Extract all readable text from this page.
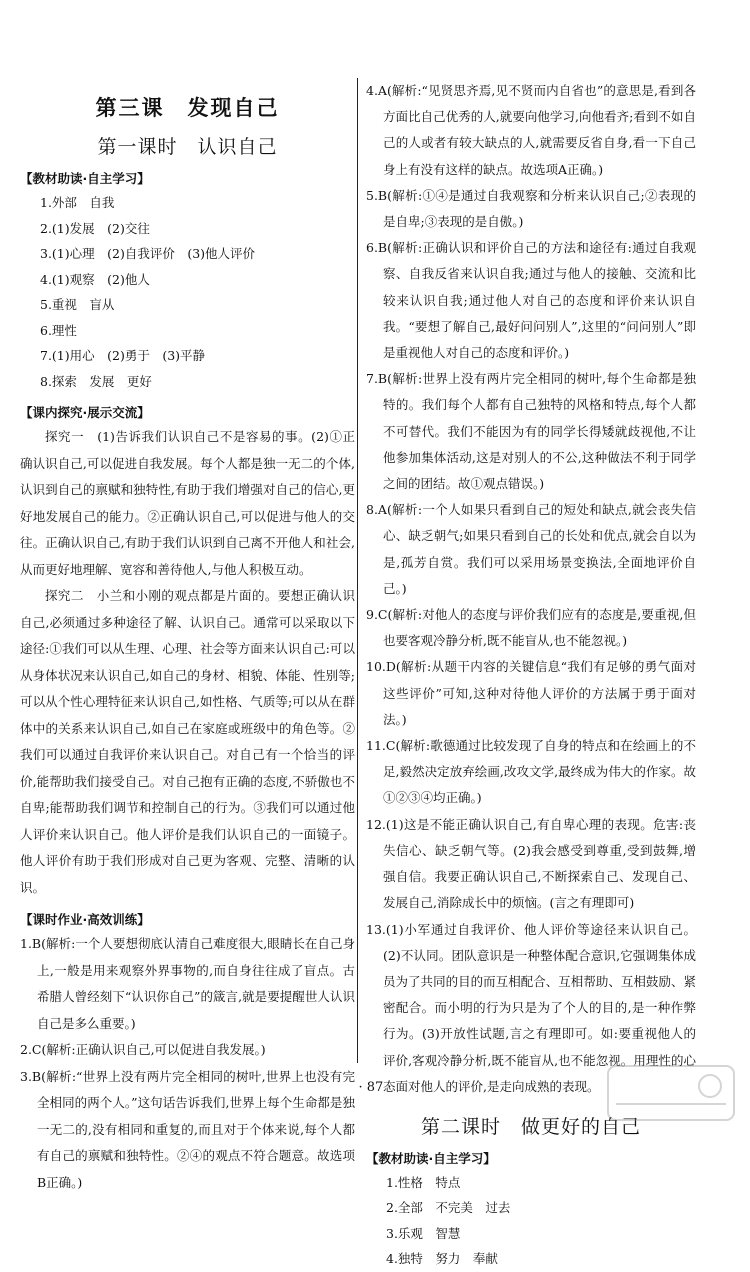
第三课　发现自己
第一课时　认识自己
【教材助读·自主学习】
1.外部　自我
2.(1)发展　(2)交往
3.(1)心理　(2)自我评价　(3)他人评价
4.(1)观察　(2)他人
5.重视　盲从
6.理性
7.(1)用心　(2)勇于　(3)平静
8.探索　发展　更好
【课内探究·展示交流】

探究一　(1)告诉我们认识自己不是容易的事。(2)①正确认识自己,可以促进自我发展。每个人都是独一无二的个体,认识到自己的禀赋和独特性,有助于我们增强对自己的信心,更好地发展自己的能力。②正确认识自己,可以促进与他人的交往。正确认识自己,有助于我们认识到自己离不开他人和社会,从而更好地理解、宽容和善待他人,与他人积极互动。

探究二　小兰和小刚的观点都是片面的。要想正确认识自己,必须通过多种途径了解、认识自己。通常可以采取以下途径:①我们可以从生理、心理、社会等方面来认识自己:可以从身体状况来认识自己,如自己的身材、相貌、体能、性别等;可以从个性心理特征来认识自己,如性格、气质等;可以从在群体中的关系来认识自己,如自己在家庭或班级中的角色等。②我们可以通过自我评价来认识自己。对自己有一个恰当的评价,能帮助我们接受自己。对自己抱有正确的态度,不骄傲也不自卑;能帮助我们调节和控制自己的行为。③我们可以通过他人评价来认识自己。他人评价是我们认识自己的一面镜子。他人评价有助于我们形成对自己更为客观、完整、清晰的认识。

【课时作业·高效训练】

1.B(解析:一个人要想彻底认清自己难度很大,眼睛长在自己身上,一般是用来观察外界事物的,而自身往往成了盲点。古希腊人曾经刻下“认识你自己”的箴言,就是要提醒世人认识自己是多么重要。)

2.C(解析:正确认识自己,可以促进自我发展。)

3.B(解析:“世界上没有两片完全相同的树叶,世界上也没有完全相同的两个人。”这句话告诉我们,世界上每个生命都是独一无二的,没有相同和重复的,而且对于个体来说,每个人都有自己的禀赋和独特性。②④的观点不符合题意。故选项B正确。)

4.A(解析:“见贤思齐焉,见不贤而内自省也”的意思是,看到各方面比自己优秀的人,就要向他学习,向他看齐;看到不如自己的人或者有较大缺点的人,就需要反省自身,看一下自己身上有没有这样的缺点。故选项A正确。)

5.B(解析:①④是通过自我观察和分析来认识自己;②表现的是自卑;③表现的是自傲。)

6.B(解析:正确认识和评价自己的方法和途径有:通过自我观察、自我反省来认识自我;通过与他人的接触、交流和比较来认识自我;通过他人对自己的态度和评价来认识自我。“要想了解自己,最好问问别人”,这里的“问问别人”即是重视他人对自己的态度和评价。)

7.B(解析:世界上没有两片完全相同的树叶,每个生命都是独特的。我们每个人都有自己独特的风格和特点,每个人都不可替代。我们不能因为有的同学长得矮就歧视他,不让他参加集体活动,这是对别人的不公,这种做法不利于同学之间的团结。故①观点错误。)

8.A(解析:一个人如果只看到自己的短处和缺点,就会丧失信心、缺乏朝气;如果只看到自己的长处和优点,就会自以为是,孤芳自赏。我们可以采用场景变换法,全面地评价自己。)

9.C(解析:对他人的态度与评价我们应有的态度是,要重视,但也要客观冷静分析,既不能盲从,也不能忽视。)

10.D(解析:从题干内容的关键信息“我们有足够的勇气面对这些评价”可知,这种对待他人评价的方法属于勇于面对法。)

11.C(解析:歌德通过比较发现了自身的特点和在绘画上的不足,毅然决定放弃绘画,改攻文学,最终成为伟大的作家。故①②③④均正确。)

12.(1)这是不能正确认识自己,有自卑心理的表现。危害:丧失信心、缺乏朝气等。(2)我会感受到尊重,受到鼓舞,增强自信。我要正确认识自己,不断探索自己、发现自己、发展自己,消除成长中的烦恼。(言之有理即可)

13.(1)小军通过自我评价、他人评价等途径来认识自己。(2)不认同。团队意识是一种整体配合意识,它强调集体成员为了共同的目的而互相配合、互相帮助、互相鼓励、紧密配合。而小明的行为只是为了个人的目的,是一种作弊行为。(3)开放性试题,言之有理即可。如:要重视他人的评价,客观冷静分析,既不能盲从,也不能忽视。用理性的心态面对他人的评价,是走向成熟的表现。

第二课时　做更好的自己
【教材助读·自主学习】
1.性格　特点
2.全部　不完美　过去
3.乐观　智慧
4.独特　努力　奉献
· 87 ·
